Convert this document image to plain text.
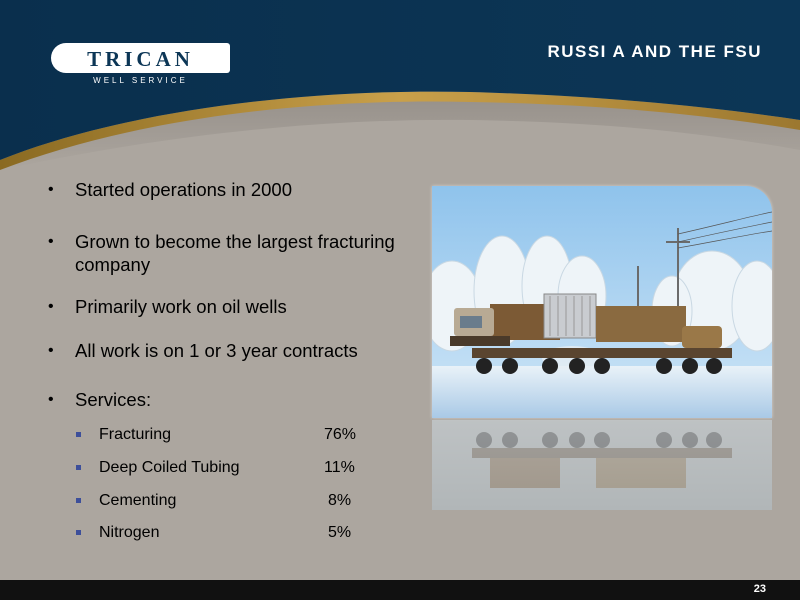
TRICAN
WELL SERVICE
RUSSI A AND THE FSU
• Started operations in 2000
• Grown to become the largest fracturing company
• Primarily work on oil wells
• All work is on 1 or 3 year contracts
• Services:
Fracturing	76%
Deep Coiled Tubing	11%
Cementing	8%
Nitrogen	5%
23
